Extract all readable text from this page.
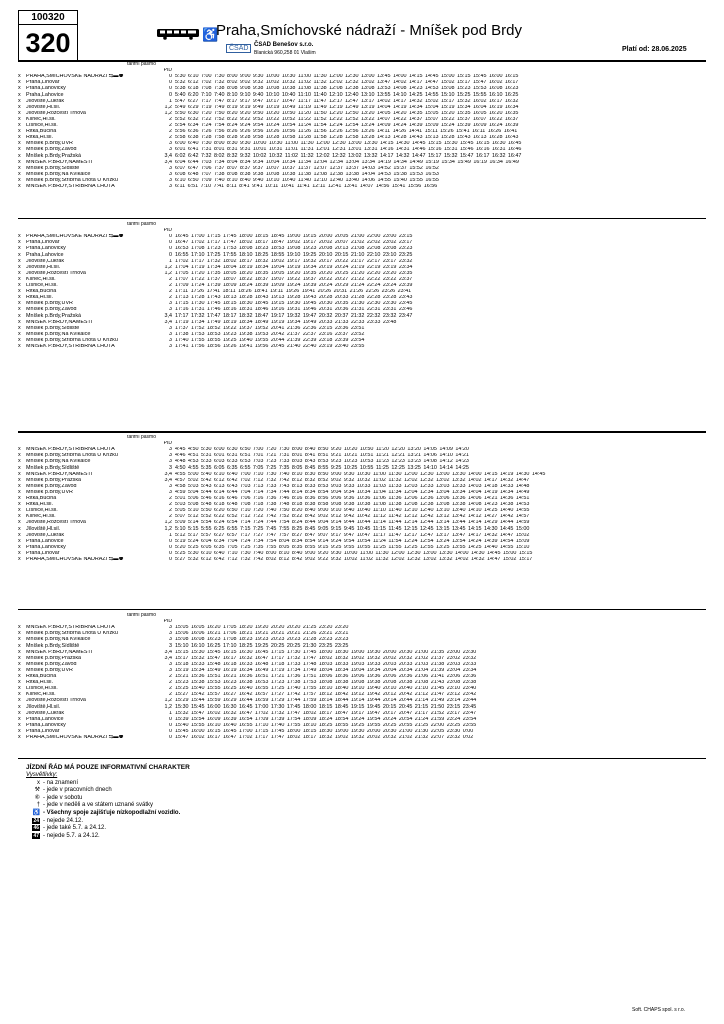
100320
320	♿
Praha,Smíchovské nádraží - Mníšek pod Brdy
ČSAD ČSAD Benešov s.r.o.
Blanická 960,258 01 Vlašim	Platí od: 28.06.2025
	tarifní pásmo		
		PID	
x	PRAHA,SMÍCHOVSKÉ NÁDRAŽÍ ⇆▬⚉	0	5:30 6:10 7:00 7:30 8:00 9:00 9:30 10:00 10:30 11:00 11:30 12:00 12:30 13:00 13:45 14:00 14:15 14:45 15:00 15:15 15:45 16:00 16:15
x	Praha,Lihovar	0	5:32 6:12 7:02 7:32 8:02 9:02 9:32 10:02 10:32 11:02 11:32 12:02 12:32 13:02 13:47 14:02 14:17 14:47 15:02 15:17 15:47 16:02 16:17
x	Praha,Lahovičky	0	5:38 6:18 7:08 7:38 8:08 9:08 9:38 10:08 10:38 11:08 11:38 12:08 12:38 13:08 13:53 14:08 14:23 14:53 15:08 15:23 15:53 16:08 16:23
x	Praha,Lahovice	0	5:40 6:20 7:10 7:40 8:10 9:10 9:40 10:10 10:40 11:10 11:40 12:10 12:40 13:10 13:55 14:10 14:25 14:55 15:10 15:25 15:55 16:10 16:25
x	Jíloviště,Cukrák	1	5:47 6:27 7:17 7:47 8:17 9:17 9:47 10:17 10:47 11:17 11:47 12:17 12:47 13:17 14:02 14:17 14:32 15:02 15:17 15:32 16:02 16:17 16:32
x	Jíloviště,Hl.sil.	1,2	5:49 6:29 7:19 7:49 8:19 9:19 9:49 10:19 10:49 11:19 11:49 12:19 12:49 13:19 14:04 14:19 14:34 15:04 15:19 15:34 16:04 16:19 16:34
x	Jíloviště,Rozcestí Trnová	1,2	5:50 6:30 7:20 7:50 8:20 9:20 9:50 10:20 10:50 11:20 11:50 12:20 12:50 13:20 14:05 14:20 14:35 15:05 15:20 15:35 16:05 16:20 16:35
x	Klínec,Hl.sil.	2	5:52 6:32 7:22 7:52 8:22 9:22 9:52 10:22 10:52 11:22 11:52 12:22 12:52 13:22 14:07 14:22 14:37 15:07 15:22 15:37 16:07 16:22 16:37
x	Líšnice,Hl.sil.	2	5:54 6:34 7:24 7:54 8:24 9:24 9:54 10:24 10:54 11:24 11:54 12:24 12:54 13:24 14:09 14:24 14:39 15:09 15:24 15:39 16:09 16:24 16:39
x	Řitka,Bučina	2	5:56 6:36 7:26 7:56 8:26 9:26 9:56 10:26 10:56 11:26 11:56 12:26 12:56 13:26 14:11 14:26 14:41 15:11 15:26 15:41 16:11 16:26 16:41
x	Řitka,Hl.sil.	2	5:58 6:38 7:28 7:58 8:28 9:28 9:58 10:28 10:58 11:28 11:58 12:28 12:58 13:28 14:13 14:28 14:43 15:13 15:28 15:43 16:13 16:28 16:43
x	Mníšek p.Brdy,UVR	3	6:00 6:40 7:30 8:00 8:30 9:30 10:00 10:30 11:00 11:30 12:00 12:30 13:00 13:30 14:15 14:30 14:45 15:15 15:30 15:45 16:15 16:30 16:45
x	Mníšek p.Brdy,Závod	3	6:01 6:41 7:31 8:01 8:31 9:31 10:01 10:31 11:01 11:31 12:01 12:31 13:01 13:31 14:16 14:31 14:46 15:16 15:31 15:46 16:16 16:31 16:46
x	Mníšek p.Brdy,Pražská	3,4	6:02 6:42 7:32 8:02 8:32 9:32 10:02 10:32 11:02 11:32 12:02 12:32 13:02 13:32 14:17 14:32 14:47 15:17 15:32 15:47 16:17 16:32 16:47
x	MNÍŠEK P.BRDY,NÁMĚSTÍ	3,4	6:04 6:44 7:03 7:34 8:04 8:34 9:34 10:04 10:34 11:34 12:04 12:34 13:04 13:34 14:19 14:34 14:49 15:19 15:34 15:49 16:19 16:34 16:49
x	Mníšek p.Brdy,Sídliště	3	6:07 6:47 7:06 7:37 8:07 8:37 9:37 10:07 10:37 11:37 12:07 12:37 13:37 14:03 14:52 15:37 15:52 16:52
x	Mníšek p.Brdy,Na Kvíkalce	3	6:08 6:48 7:07 7:38 8:08 8:38 9:38 10:08 10:38 11:38 12:08 12:38 13:38 14:04 14:53 15:38 15:53 16:53
x	Mníšek p.Brdy,Stříbrná Lhota U Křížku	3	6:10 6:50 7:09 7:40 8:10 8:40 9:40 10:10 10:40 11:40 12:10 12:40 13:40 14:06 14:55 15:40 15:55 16:55
x	MNÍŠEK P.BRDY,STŘÍBRNÁ LHOTA	3	6:11 6:51 7:10 7:41 8:11 8:41 9:41 10:11 10:41 11:41 12:11 12:41 13:41 14:07 14:56 15:41 15:56 16:56
	tarifní pásmo		
		PID	
x	PRAHA,SMÍCHOVSKÉ NÁDRAŽÍ ⇆▬⚉	0	16:45 17:00 17:15 17:45 18:00 18:15 18:45 19:00 19:15 20:00 20:05 21:00 22:00 23:00 23:15
x	Praha,Lihovar	0	16:47 17:02 17:17 17:47 18:02 18:17 18:47 19:02 19:17 20:02 20:07 21:02 22:02 23:02 23:17
x	Praha,Lahovičky	0	16:53 17:08 17:23 17:53 18:08 18:23 18:53 19:08 19:23 20:08 20:13 21:08 22:08 23:08 23:23
x	Praha,Lahovice	0	16:55 17:10 17:25 17:55 18:10 18:25 18:55 19:10 19:25 20:10 20:15 21:10 22:10 23:10 23:25
x	Jíloviště,Cukrák	1	17:02 17:17 17:32 18:02 18:17 18:32 19:02 19:17 19:32 20:17 20:22 21:17 22:17 23:17 23:32
x	Jíloviště,Hl.sil.	1,2	17:04 17:19 17:34 18:04 18:19 18:34 19:04 19:19 19:34 20:19 20:24 21:19 22:19 23:19 23:34
x	Jíloviště,Rozcestí Trnová	1,2	17:05 17:20 17:35 18:05 18:20 18:35 19:05 19:20 19:35 20:20 20:25 21:20 22:20 23:20 23:35
x	Klínec,Hl.sil.	2	17:07 17:22 17:37 18:07 18:22 18:37 19:07 19:22 19:37 20:22 20:27 21:22 22:22 23:22 23:37
x	Líšnice,Hl.sil.	2	17:09 17:24 17:39 18:09 18:24 18:39 19:09 19:24 19:39 20:24 20:29 21:24 22:24 23:24 23:39
x	Řitka,Bučina	2	17:11 17:26 17:41 18:11 18:26 18:41 19:11 19:26 19:41 20:26 20:31 21:26 22:26 23:26 23:41
x	Řitka,Hl.sil.	2	17:13 17:28 17:43 18:13 18:28 18:43 19:13 19:28 19:43 20:28 20:33 21:28 22:28 23:28 23:43
x	Mníšek p.Brdy,UVR	3	17:15 17:30 17:45 18:15 18:30 18:45 19:15 19:30 19:45 20:30 20:35 21:30 22:30 23:30 23:45
x	Mníšek p.Brdy,Závod	3	17:16 17:31 17:46 18:16 18:31 18:46 19:16 19:31 19:46 20:31 20:36 21:31 22:31 23:31 23:46
x	Mníšek p.Brdy,Pražská	3,4	17:17 17:32 17:47 18:17 18:32 18:47 19:17 19:32 19:47 20:32 20:37 21:32 22:32 23:32 23:47
x	MNÍŠEK P.BRDY,NÁMĚSTÍ	3,4	17:19 17:34 17:49 18:19 18:34 18:49 19:19 19:34 19:49 20:33 21:33 22:33 23:33 23:48
x	Mníšek p.Brdy,Sídliště	3	17:37 17:52 18:52 19:22 19:37 19:52 20:41 21:36 22:36 23:15 23:36 23:51
x	Mníšek p.Brdy,Na Kvíkalce	3	17:38 17:53 18:53 19:23 19:38 19:53 20:42 21:37 22:37 23:16 23:37 23:52
x	Mníšek p.Brdy,Stříbrná Lhota U Křížku	3	17:40 17:55 18:55 19:25 19:40 19:55 20:44 21:39 22:39 23:18 23:39 23:54
x	MNÍŠEK P.BRDY,STŘÍBRNÁ LHOTA	3	17:41 17:56 18:56 19:26 19:41 19:56 20:45 21:40 22:40 23:19 23:40 23:55
	tarifní pásmo		
		PID	
x	MNÍŠEK P.BRDY,STŘÍBRNÁ LHOTA	3	4:45 4:50 5:30 6:00 6:30 6:50 7:00 7:20 7:30 8:00 8:40 8:50 9:20 10:20 10:50 11:20 12:20 13:20 14:05 14:09 14:20
x	Mníšek p.Brdy,Stříbrná Lhota U Křížku	3	4:46 4:51 5:31 6:01 6:31 6:51 7:01 7:21 7:31 8:01 8:41 8:51 9:21 10:21 10:51 11:21 12:21 13:21 14:06 14:10 14:21
x	Mníšek p.Brdy,Na Kvíkalce	3	4:48 4:53 5:33 6:03 6:33 6:53 7:03 7:23 7:33 8:03 8:43 8:53 9:23 10:23 10:53 11:23 12:23 13:23 14:08 14:12 14:23
x	Mníšek p.Brdy,Sídliště	3	4:50 4:55 5:35 6:05 6:35 6:55 7:05 7:25 7:35 8:05 8:45 8:55 9:25 10:25 10:55 11:25 12:25 13:25 14:10 14:14 14:25
x	MNÍŠEK P.BRDY,NÁMĚSTÍ	3,4	4:55 5:00 5:40 6:10 6:40 7:00 7:10 7:30 7:40 8:10 8:30 8:50 9:00 9:30 10:30 11:00 11:30 12:00 12:30 13:00 13:30 14:00 14:15 14:19 14:30 14:45
x	Mníšek p.Brdy,Pražská	3,4	4:57 5:02 5:42 6:12 6:42 7:02 7:12 7:32 7:42 8:12 8:32 8:52 9:02 9:32 10:32 11:02 11:32 12:02 12:32 13:02 13:32 14:02 14:17 14:32 14:47
x	Mníšek p.Brdy,Závod	3	4:58 5:03 5:43 6:13 6:43 7:03 7:13 7:33 7:43 8:13 8:33 8:53 9:03 9:33 10:33 11:03 11:33 12:03 12:33 13:03 13:33 14:03 14:18 14:33 14:48
x	Mníšek p.Brdy,UVR	3	4:59 5:04 5:44 6:14 6:44 7:04 7:14 7:34 7:44 8:14 8:34 8:54 9:04 9:34 10:34 11:04 11:34 12:04 12:34 13:04 13:34 14:04 14:19 14:34 14:49
x	Řitka,Bučina	2	5:01 5:06 5:46 6:16 6:46 7:06 7:16 7:36 7:46 8:16 8:36 8:56 9:06 9:36 10:36 11:06 11:36 12:06 12:36 13:06 13:36 14:06 14:21 14:36 14:51
x	Řitka,Hl.sil.	2	5:03 5:08 5:48 6:18 6:48 7:08 7:18 7:38 7:48 8:18 8:38 8:58 9:08 9:38 10:38 11:08 11:38 12:08 12:38 13:08 13:38 14:08 14:23 14:38 14:53
x	Líšnice,Hl.sil.	2	5:05 5:10 5:50 6:20 6:50 7:10 7:20 7:40 7:50 8:20 8:40 9:00 9:10 9:40 10:40 11:10 11:40 12:10 12:40 13:10 13:40 14:10 14:25 14:40 14:55
x	Klínec,Hl.sil.	2	5:07 5:12 5:52 6:22 6:52 7:12 7:22 7:42 7:52 8:22 8:42 9:02 9:12 9:42 10:42 11:12 11:42 12:12 12:42 13:12 13:42 14:12 14:27 14:42 14:57
x	Jíloviště,Rozcestí Trnová	1,2	5:09 5:14 5:54 6:24 6:54 7:14 7:24 7:44 7:54 8:24 8:44 9:04 9:14 9:44 10:44 11:14 11:44 12:14 12:44 13:14 13:44 14:14 14:29 14:44 14:59
x	Jíloviště,Hl.sil.	1,2	5:10 5:15 5:55 6:25 6:55 7:15 7:25 7:45 7:55 8:25 8:45 9:05 9:15 9:45 10:45 11:15 11:45 12:15 12:45 13:15 13:45 14:15 14:30 14:45 15:00
x	Jíloviště,Cukrák	1	5:12 5:17 5:57 6:27 6:57 7:17 7:27 7:47 7:57 8:27 8:47 9:07 9:17 9:47 10:47 11:17 11:47 12:17 12:47 13:17 13:47 14:17 14:32 14:47 15:02
x	Praha,Lahovice	0	5:19 5:24 6:04 6:34 7:04 7:24 7:34 7:54 8:04 8:34 8:54 9:14 9:24 9:54 10:54 11:24 11:54 12:24 12:54 13:24 13:54 14:24 14:39 14:54 15:09
x	Praha,Lahovičky	0	5:20 5:25 6:05 6:35 7:05 7:25 7:35 7:55 8:05 8:35 8:55 9:15 9:25 9:55 10:55 11:25 11:55 12:25 12:55 13:25 13:55 14:25 14:40 14:55 15:10
x	Praha,Lihovar	0	5:25 5:30 6:10 6:40 7:10 7:30 7:40 8:00 8:10 8:40 9:00 9:20 9:30 10:00 11:00 11:30 12:00 12:30 13:00 13:30 14:00 14:30 14:45 15:00 15:15
x	PRAHA,SMÍCHOVSKÉ NÁDRAŽÍ ⇆▬⚉	0	5:27 5:32 6:12 6:42 7:12 7:32 7:42 8:02 8:12 8:42 9:02 9:22 9:32 10:02 11:02 11:32 12:02 12:32 13:02 13:32 14:02 14:32 14:47 15:02 15:17
	tarifní pásmo		
		PID	
x	MNÍŠEK P.BRDY,STŘÍBRNÁ LHOTA	3	15:05 16:05 16:20 17:05 18:20 19:20 20:20 20:20 21:25 23:20 23:20
x	Mníšek p.Brdy,Stříbrná Lhota U Křížku	3	15:06 16:06 16:21 17:06 18:21 19:21 20:21 20:21 21:26 23:21 23:21
x	Mníšek p.Brdy,Na Kvíkalce	3	15:08 16:08 16:23 17:08 18:23 19:23 20:23 20:23 21:28 23:23 23:23
x	Mníšek p.Brdy,Sídliště	3	15:10 16:10 16:25 17:10 18:25 19:25 20:25 20:25 21:30 23:25 23:25
x	MNÍŠEK P.BRDY,NÁMĚSTÍ	3,4	15:15 15:30 15:45 16:15 16:30 16:45 17:15 17:30 17:45 18:00 18:30 19:00 19:30 20:00 20:30 21:00 21:35 23:00 23:30
x	Mníšek p.Brdy,Pražská	3,4	15:17 15:32 15:47 16:17 16:32 16:47 17:17 17:32 17:47 18:02 18:32 19:02 19:32 20:02 20:32 21:02 21:37 23:02 23:32
x	Mníšek p.Brdy,Závod	3	15:18 15:33 15:48 16:18 16:33 16:48 17:18 17:33 17:48 18:03 18:33 19:03 19:33 20:03 20:33 21:03 21:38 23:03 23:33
x	Mníšek p.Brdy,UVR	3	15:19 15:34 15:49 16:19 16:34 16:49 17:19 17:34 17:49 18:04 18:34 19:04 19:34 20:04 20:34 21:04 21:39 23:04 23:34
x	Řitka,Bučina	2	15:21 15:36 15:51 16:21 16:36 16:51 17:21 17:36 17:51 18:06 18:36 19:06 19:36 20:06 20:36 21:06 21:41 23:06 23:36
x	Řitka,Hl.sil.	2	15:23 15:38 15:53 16:23 16:38 16:53 17:23 17:38 17:53 18:08 18:38 19:08 19:38 20:08 20:38 21:08 21:43 23:08 23:38
x	Líšnice,Hl.sil.	2	15:25 15:40 15:55 16:25 16:40 16:55 17:25 17:40 17:55 18:10 18:40 19:10 19:40 20:10 20:40 21:10 21:45 23:10 23:40
x	Klínec,Hl.sil.	2	15:27 15:42 15:57 16:27 16:42 16:57 17:27 17:42 17:57 18:12 18:42 19:12 19:42 20:12 20:42 21:12 21:47 23:12 23:42
x	Jíloviště,Rozcestí Trnová	1,2	15:29 15:44 15:59 16:29 16:44 16:59 17:29 17:44 17:59 18:14 18:44 19:14 19:44 20:14 20:44 21:14 21:49 23:14 23:44
x	Jíloviště,Hl.sil.	1,2	15:30 15:45 16:00 16:30 16:45 17:00 17:30 17:45 18:00 18:15 18:45 19:15 19:45 20:15 20:45 21:15 21:50 23:15 23:45
x	Jíloviště,Cukrák	1	15:32 15:47 16:02 16:32 16:47 17:02 17:32 17:47 18:02 18:17 18:47 19:17 19:47 20:17 20:47 21:17 21:52 23:17 23:47
x	Praha,Lahovice	0	15:39 15:54 16:09 16:39 16:54 17:09 17:39 17:54 18:09 18:24 18:54 19:24 19:54 20:24 20:54 21:24 21:59 23:24 23:54
x	Praha,Lahovičky	0	15:40 15:55 16:10 16:40 16:55 17:10 17:40 17:55 18:10 18:25 18:55 19:25 19:55 20:25 20:55 21:25 22:00 23:25 23:55
x	Praha,Lihovar	0	15:45 16:00 16:15 16:45 17:00 17:15 17:45 18:00 18:15 18:30 19:00 19:30 20:00 20:30 21:00 21:30 22:05 23:30 0:00
x	PRAHA,SMÍCHOVSKÉ NÁDRAŽÍ ⇆▬⚉	0	15:47 16:02 16:17 16:47 17:02 17:17 17:47 18:02 18:17 18:32 19:02 19:32 20:02 20:32 21:02 21:32 22:07 23:32 0:02
JÍZDNÍ ŘÁD MÁ POUZE INFORMATIVNÍ CHARAKTER
Vysvětlivky:
x - na znamení
⚒ - jede v pracovních dnech
⑥ - jede v sobotu
† - jede v neděli a ve státem uznané svátky
♿ - Všechny spoje zajišťuje nízkopodlažní vozidlo.
24 - nejede 24.12.
46 - jede také 5.7. a 24.12.
47 - nejede 5.7. a 24.12.
Soft. CHAPS spol. s r.o.
